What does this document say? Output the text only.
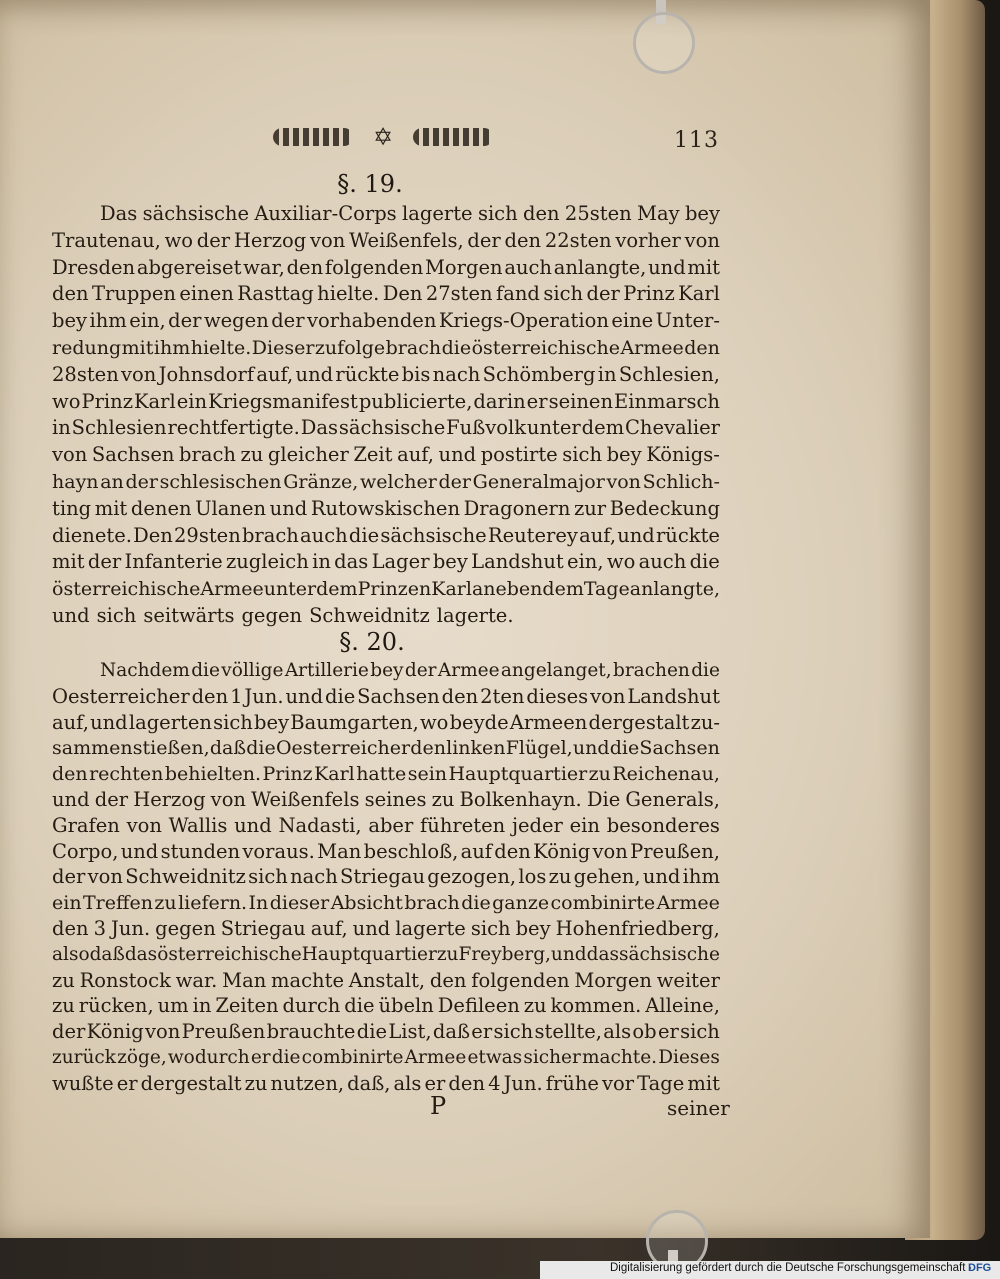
✡	113
§. 19.
§. 20.
Das sächsische Auxiliar-Corps lagerte sich den 25sten May bey
Trautenau, wo der Herzog von Weißenfels, der den 22sten vorher von
Dresden abgereiset war, den folgenden Morgen auch anlangte, und mit
den Truppen einen Rasttag hielte. Den 27sten fand sich der Prinz Karl
bey ihm ein, der wegen der vorhabenden Kriegs-Operation eine Unter-
redung mit ihm hielte. Dieser zufolge brach die österreichische Armee den
28sten von Johnsdorf auf, und rückte bis nach Schömberg in Schlesien,
wo Prinz Karl ein Kriegsmanifest publicierte, darin er seinen Einmarsch
in Schlesien rechtfertigte. Das sächsische Fußvolk unter dem Chevalier
von Sachsen brach zu gleicher Zeit auf, und postirte sich bey Königs-
hayn an der schlesischen Gränze, welcher der Generalmajor von Schlich-
ting mit denen Ulanen und Rutowskischen Dragonern zur Bedeckung
dienete. Den 29sten brach auch die sächsische Reuterey auf, und rückte
mit der Infanterie zugleich in das Lager bey Landshut ein, wo auch die
österreichische Armee unter dem Prinzen Karl an eben dem Tage anlangte,
und sich seitwärts gegen Schweidnitz lagerte.
Nachdem die völlige Artillerie bey der Armee angelanget, brachen die
Oesterreicher den 1 Jun. und die Sachsen den 2ten dieses von Landshut
auf, und lagerten sich bey Baumgarten, wo beyde Armeen dergestalt zu-
sammen stießen, daß die Oesterreicher den linken Flügel, und die Sachsen
den rechten behielten. Prinz Karl hatte sein Hauptquartier zu Reichenau,
und der Herzog von Weißenfels seines zu Bolkenhayn. Die Generals,
Grafen von Wallis und Nadasti, aber führeten jeder ein besonderes
Corpo, und stunden voraus. Man beschloß, auf den König von Preußen,
der von Schweidnitz sich nach Striegau gezogen, los zu gehen, und ihm
ein Treffen zu liefern. In dieser Absicht brach die ganze combinirte Armee
den 3 Jun. gegen Striegau auf, und lagerte sich bey Hohenfriedberg,
also daß das österreichische Hauptquartier zu Freyberg, und das sächsische
zu Ronstock war. Man machte Anstalt, den folgenden Morgen weiter
zu rücken, um in Zeiten durch die übeln Defileen zu kommen. Alleine,
der König von Preußen brauchte die List, daß er sich stellte, als ob er sich
zurück zöge, wodurch er die combinirte Armee etwas sicher machte. Dieses
wußte er dergestalt zu nutzen, daß, als er den 4 Jun. frühe vor Tage mit
P	seiner
Digitalisierung gefördert durch die Deutsche Forschungsgemeinschaft ·
DFG
